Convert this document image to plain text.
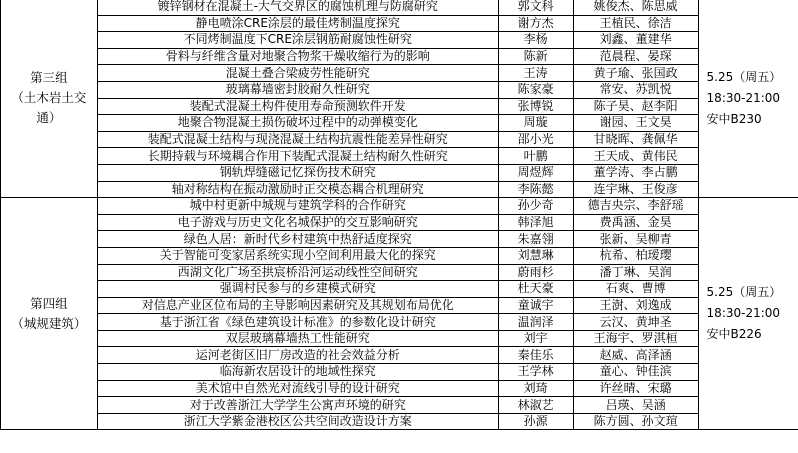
第三组
（土木岩土交
通）	镀锌钢材在混凝土-大气交界区的腐蚀机理与防腐研究	郭文科	姚俊杰、陈思威	5.25（周五）
18:30-21:00
安中B230

	静电喷涂CRE涂层的最佳烤制温度探究	谢方杰	王植民、徐洁	
	不同烤制温度下CRE涂层钢筋耐腐蚀性研究	李杨	刘鑫、董建华	
	骨料与纤维含量对地聚合物浆干燥收缩行为的影响	陈新	范晨程、晏琛	
	混凝土叠合梁疲劳性能研究	王涛	黄子瑜、张国政	
	玻璃幕墙密封胶耐久性研究	陈家豪	常安、苏凯悦	
	装配式混凝土构件使用寿命预测软件开发	张博锐	陈子昊、赵李阳	
	地聚合物混凝土损伤破坏过程中的动弹模变化	周璇	谢园、王文昊	
	装配式混凝土结构与现浇混凝土结构抗震性能差异性研究	邵小光	甘晓晖、龚佩华	
	长期持载与环境耦合作用下装配式混凝土结构耐久性研究	叶鹏	王天成、黄伟民	
	钢轨焊缝磁记忆探伤技术研究	周煜辉	董学涛、李占鹏	
	轴对称结构在振动激励时正交模态耦合机理研究	李陈懿	连宇琳、王俊彦	

第四组
（城规建筑）	城中村更新中城规与建筑学科的合作研究	孙少奇	德吉央宗、李舒瑶	5.25（周五）
18:30-21:00
安中B226

	电子游戏与历史文化名城保护的交互影响研究	韩泽旭	费禹涵、金昊	
	绿色人居：新时代乡村建筑中热舒适度探究	朱嘉翎	张新、吴柳青	
	关于智能可变家居系统实现小空间利用最大化的探究	刘慧琳	杭希、柏瑷璎	
	西湖文化广场至拱宸桥沿河运动线性空间研究	蔚雨杉	潘丁琳、吴润	
	强调村民参与的乡建模式研究	杜天豪	石爽、曹博	
	对信息产业区位布局的主导影响因素研究及其规划布局优化	童诚宇	王澍、刘逸成	
	基于浙江省《绿色建筑设计标准》的参数化设计研究	温润泽	云汉、黄坤圣	
	双层玻璃幕墙热工性能研究	刘宇	王海宇、罗淇桓	
	运河老街区旧厂房改造的社会效益分析	秦佳乐	赵威、高泽涵	
	临海新农居设计的地域性探究	王学林	童心、钟佳滨	
	美术馆中自然光对流线引导的设计研究	刘琦	许丝晴、宋璐	
	对于改善浙江大学学生公寓声环境的研究	林淑艺	吕瑛、吴涵	
	浙江大学紫金港校区公共空间改造设计方案	孙源	陈方圆、孙文瑄	
